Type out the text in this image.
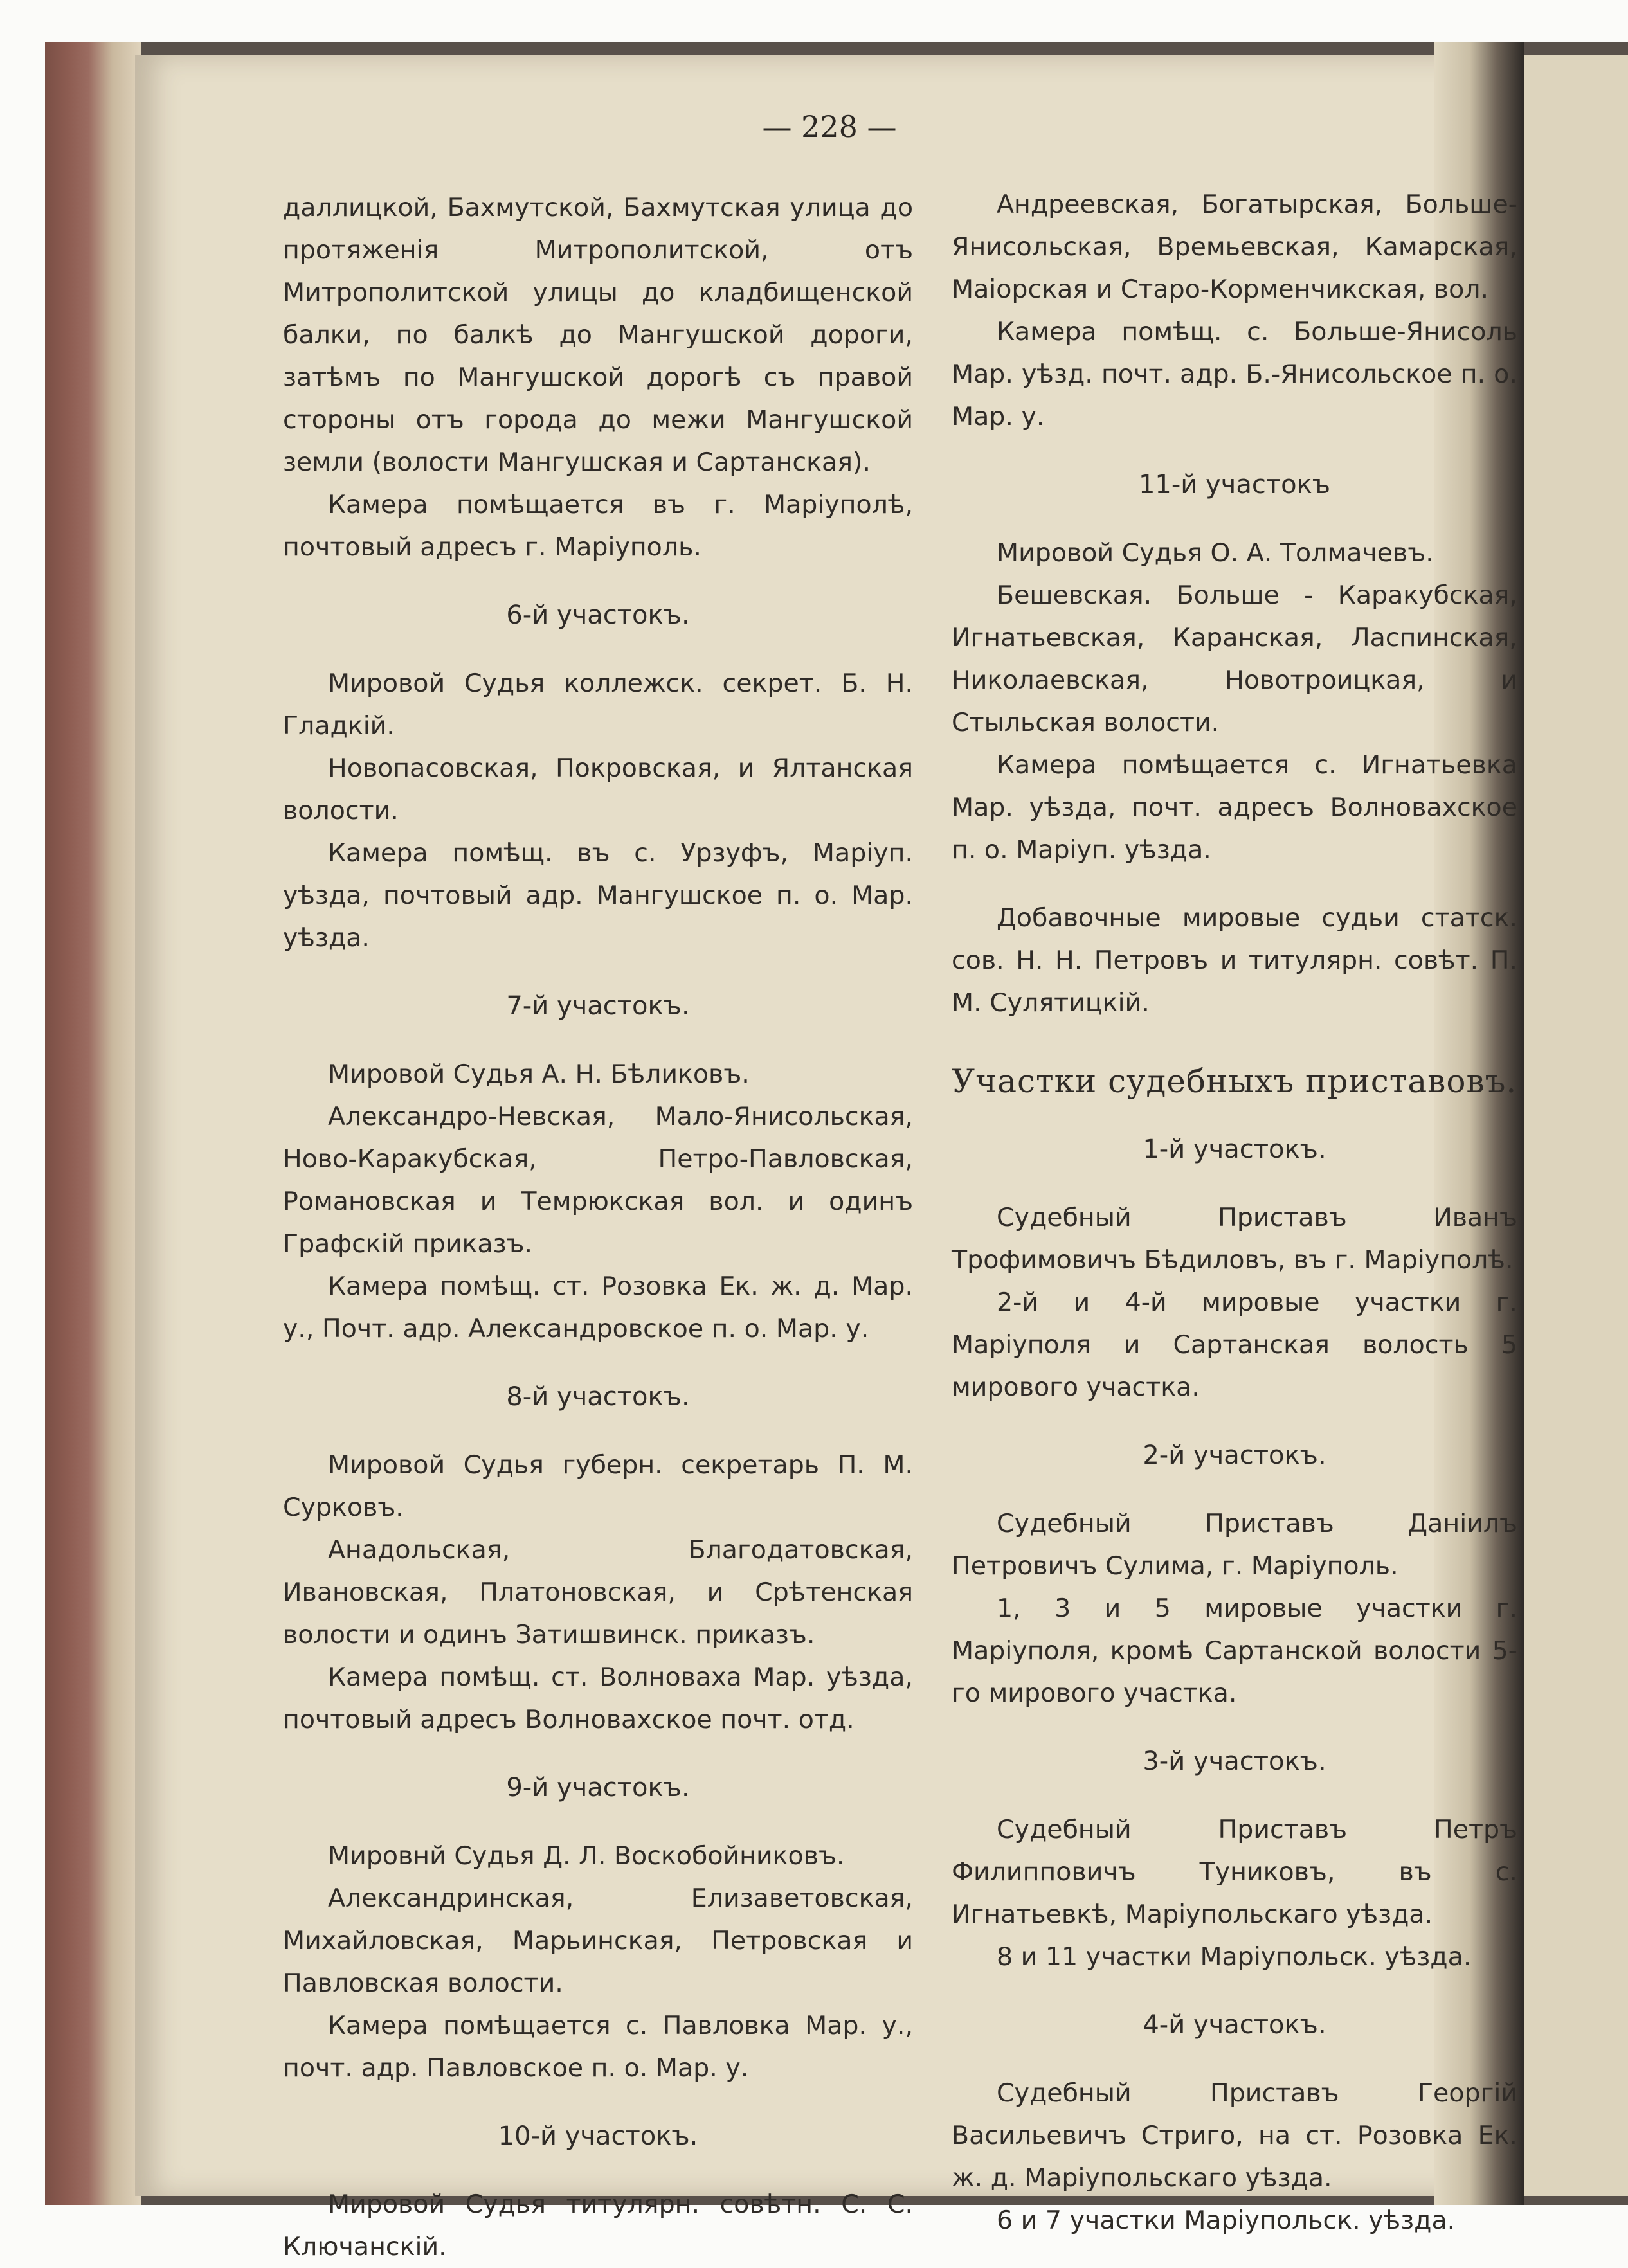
— 228 —

даллицкой, Бахмутской, Бахмутская улица до протяженія Митрополитской, отъ Митрополитской улицы до кладбищенской балки, по балкѣ до Мангушской дороги, затѣмъ по Мангушской дорогѣ съ правой стороны отъ города до межи Мангушской земли (волости Мангушская и Сартанская).

Камера помѣщается въ г. Маріуполѣ, почтовый адресъ г. Маріуполь.

6-й участокъ.

Мировой Судья коллежск. секрет. Б. Н. Гладкій.

Новопасовская, Покровская, и Ялтанская волости.

Камера помѣщ. въ с. Урзуфъ, Маріуп. уѣзда, почтовый адр. Мангушское п. о. Мар. уѣзда.

7-й участокъ.

Мировой Судья А. Н. Бѣликовъ.

Александро-Невская, Мало-Янисольская, Ново-Каракубская, Петро-Павловская, Романовская и Темрюкская вол. и одинъ Графскій приказъ.

Камера помѣщ. ст. Розовка Ек. ж. д. Мар. у., Почт. адр. Александровское п. о. Мар. у.

8-й участокъ.

Мировой Судья губерн. секретарь П. М. Сурковъ.

Анадольская, Благодатовская, Ивановская, Платоновская, и Срѣтенская волости и одинъ Затишвинск. приказъ.

Камера помѣщ. ст. Волноваха Мар. уѣзда, почтовый адресъ Волновахское почт. отд.

9-й участокъ.

Мировнй Судья Д. Л. Воскобойниковъ.

Александринская, Елизаветовская, Михайловская, Марьинская, Петровская и Павловская волости.

Камера помѣщается с. Павловка Мар. у., почт. адр. Павловское п. о. Мар. у.

10-й участокъ.

Мировой Судья титулярн. совѣтн. С. С. Ключанскій.

Андреевская, Богатырская, Больше-Янисольская, Времьевская, Камарская, Маіорская и Старо-Корменчикская, вол.

Камера помѣщ. с. Больше-Янисоль Мар. уѣзд. почт. адр. Б.-Янисольское п. о. Мар. у.

11-й участокъ

Мировой Судья О. А. Толмачевъ.

Бешевская. Больше - Каракубская, Игнатьевская, Каранская, Ласпинская, Николаевская, Новотроицкая, и Стыльская волости.

Камера помѣщается с. Игнатьевка Мар. уѣзда, почт. адресъ Волновахское п. о. Маріуп. уѣзда.

Добавочные мировые судьи статск. сов. Н. Н. Петровъ и титулярн. совѣт. П. М. Сулятицкій.

Участки судебныхъ приставовъ.
1-й участокъ.

Судебный Приставъ Иванъ Трофимовичъ Бѣдиловъ, въ г. Маріуполѣ.

2-й и 4-й мировые участки г. Маріуполя и Сартанская волость 5 мирового участка.

2-й участокъ.

Судебный Приставъ Даніилъ Петровичъ Сулима, г. Маріуполь.

1, 3 и 5 мировые участки г. Маріуполя, кромѣ Сартанской волости 5-го мирового участка.

3-й участокъ.

Судебный Приставъ Петръ Филипповичъ Туниковъ, въ с. Игнатьевкѣ, Маріупольскаго уѣзда.

8 и 11 участки Маріупольск. уѣзда.

4-й участокъ.

Судебный Приставъ Георгій Васильевичъ Стриго, на ст. Розовка Ек. ж. д. Маріупольскаго уѣзда.

6 и 7 участки Маріупольск. уѣзда.
